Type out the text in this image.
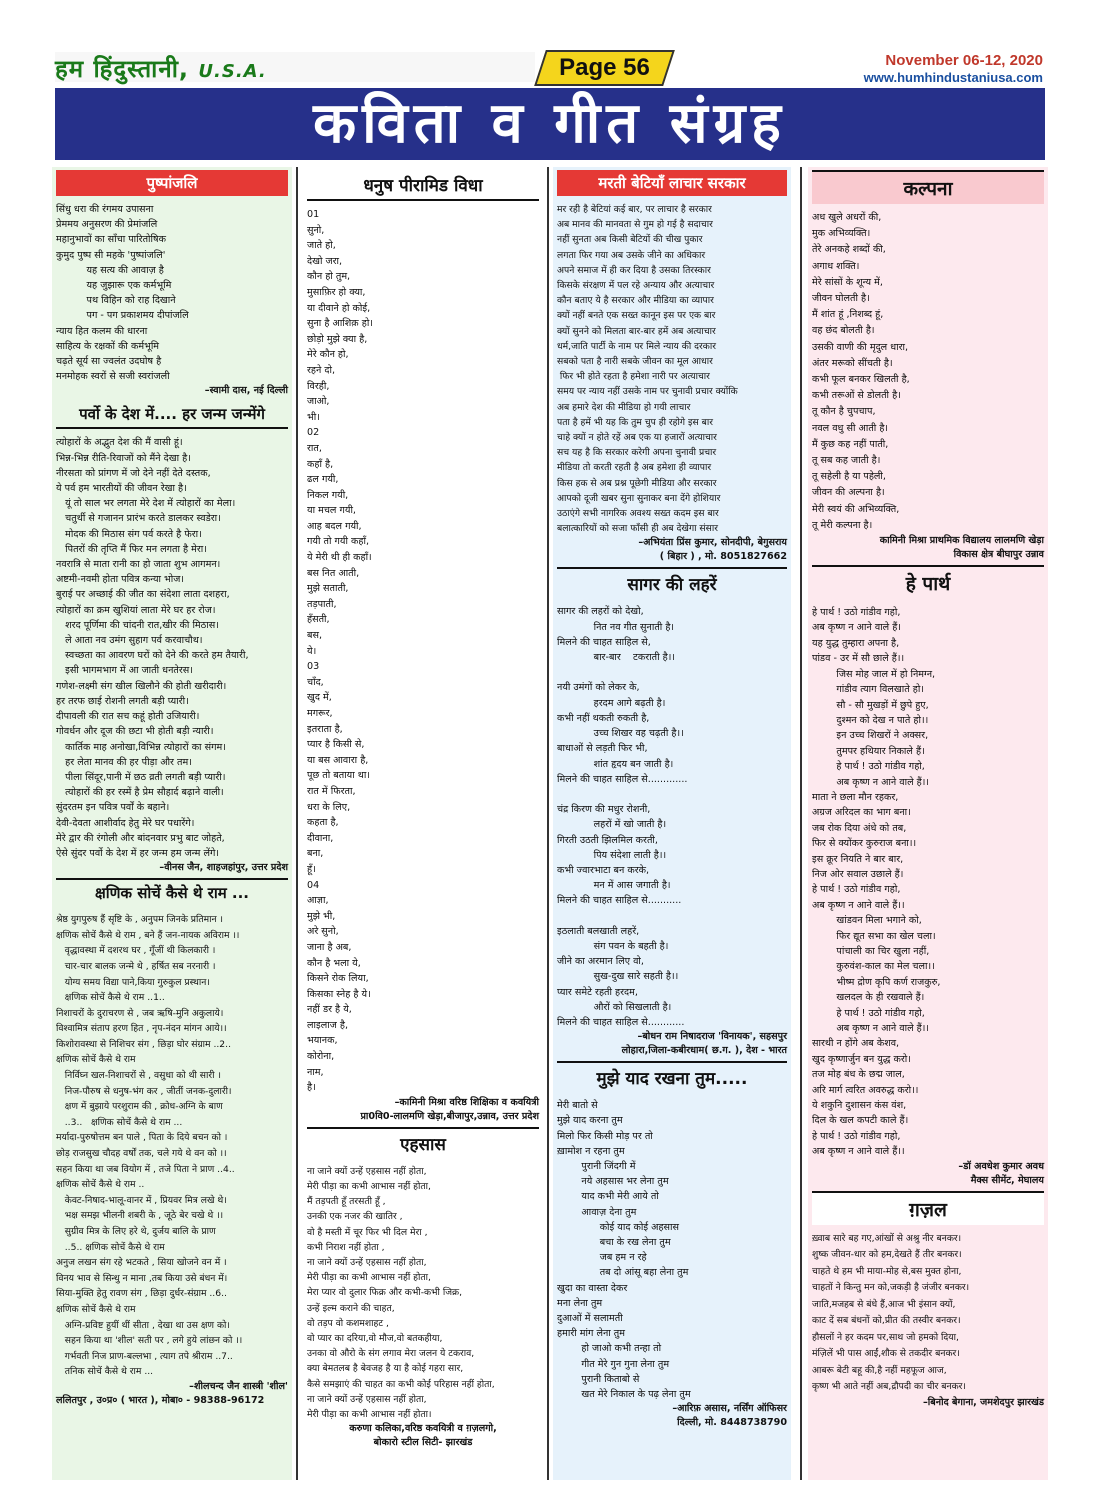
हम हिंदुस्तानी, U.S.A.	Page 56	November 06-12, 2020
www.humhindustaniusa.com
कविता व गीत संग्रह
पुष्पांजलि
सिंधु धरा की रंगमय उपासना
प्रेममय अनुसरण की प्रेमांजलि
महानुभावों का साँचा पारितोषिक
कुमुद पुष्प सी महके 'पुष्पांजलि'
यह सत्य की आवाज़ है
यह जुझारू एक कर्मभूमि
पथ विहिन को राह दिखाने
पग - पग प्रकाशमय दीपांजलि
न्याय हित कलम की धारना
साहित्य के रक्षकों की कर्मभूमि
चढ़ते सूर्य सा ज्वलंत उदघोष है
मनमोहक स्वरों से सजी स्वरांजली
–स्वामी दास, नई दिल्ली
पर्वो के देश में.... हर जन्म जन्मेंगे
त्योहारों के अद्भुत देश की मैं वासी हूं।
भिन्न-भिन्न रीति-रिवाजों को मैंने देखा है।
नीरसता को प्रांगण में जो देने नहीं देते दस्तक,
ये पर्व हम भारतीयों की जीवन रेखा है।
यूं तो साल भर लगता मेरे देश में त्योहारों का मेला।
चतुर्थी से गजानन प्रारंभ करते डालकर स्वडेरा।
मोदक की मिठास संग पर्व करते है फेरा।
पितरों की तृप्ति मैं फिर मन लगता है मेरा।
नवरात्रि से माता रानी का हो जाता शुभ आगमन।
अष्टमी-नवमी होता पवित्र कन्या भोज।
बुराई पर अच्छाई की जीत का संदेशा लाता दशहरा,
त्योहारों का क्रम खुशियां लाता मेरे घर हर रोज।
शरद पूर्णिमा की चांदनी रात,खीर की मिठास।
ले आता नव उमंग सुहाग पर्व करवाचौथ।
स्वच्छता का आवरण घरों को देने की करते हम तैयारी,
इसी भागमभाग में आ जाती धनतेरस।
गणेश-लक्ष्मी संग खील खिलौने की होती खरीदारी।
हर तरफ छाई रोशनी लगती बड़ी प्यारी।
दीपावली की रात सच कहूं होती उजियारी।
गोवर्धन और दूज की छटा भी होती बड़ी न्यारी।
कार्तिक माह अनोखा,विभिन्न त्योहारों का संगम।
हर लेता मानव की हर पीड़ा और तम।
पीला सिंदूर,पानी में छठ व्रती लगती बड़ी प्यारी।
त्योहारों की हर रस्में है प्रेम सौहार्द बढ़ाने वाली।
सुंदरतम इन पवित्र पर्वों के बहाने।
देवी-देवता आशीर्वाद हेतु मेरे घर पधारेंगे।
मेरे द्वार की रंगोली और बांदनवार प्रभु बाट जोहते,
ऐसे सुंदर पर्वो के देश में हर जन्म हम जन्म लेंगे।
–वीनस जैन, शाहजहांपुर, उत्तर प्रदेश
क्षणिक सोचें कैसे थे राम ...
श्रेष्ठ युगपुरुष हैं सृष्टि के , अनुपम जिनके प्रतिमान ।
क्षणिक सोचें कैसे थे राम , बने हैं जन-नायक अविराम ।।
वृद्धावस्था में दशरथ घर , गूँजीं थी किलकारी ।
चार-चार बालक जन्मे थे , हर्षित सब नरनारी ।
योग्य समय विद्या पाने,किया गुरुकुल प्रस्थान।
क्षणिक सोचें कैसे थे राम ..1..
निशाचरों के दुराचरण से , जब ऋषि-मुनि अकुलाये।
विश्वामित्र संताप हरण हित , नृप-नंदन मांगन आये।।
किशोरावस्था से निशिचर संग , छिड़ा घोर संग्राम ..2..
क्षणिक सोचें कैसे थे राम
निर्विघ्न खल-निशाचरों से , वसुधा को थी सारी ।
निज-पौरुष से धनुष-भंग कर , जीतीं जनक-दुलारी।
क्षण में बुझाये परशुराम की , क्रोध-अग्नि के बाण
..3..   क्षणिक सोचें कैसे थे राम ...
मर्यादा-पुरुषोत्तम बन पाले , पिता के दिये बचन को ।
छोड़ राजसुख चौदह वर्षों तक, चले गये थे वन को ।।
सहन किया था जब वियोग में , तजे पिता ने प्राण ..4..
क्षणिक सोचें कैसे थे राम ..
केवट-निषाद-भालू-वानर में , प्रियवर मित्र लखे थे।
भक्ष समझ भीलनी शबरी के , जूठे बेर चखे थे ।।
सुग्रीव मित्र के लिए हरे थे, दुर्जय बालि के प्राण
..5.. क्षणिक सोचें कैसे थे राम
अनुज लखन संग रहे भटकते , सिया खोजने वन में ।
विनय भाव से सिन्धु न माना ,तब किया उसे बंधन में।
सिया-मुक्ति हेतु रावण संग , छिड़ा दुर्धर-संग्राम ..6..
क्षणिक सोचें कैसे थे राम
अग्नि-प्रविष्ट हुयीं थीं सीता , देखा था उस क्षण को।
सहन किया था 'शील' सती पर , लगे हुये लांछन को ।।
गर्भवती निज प्राण-बल्लभा , त्याग तपे श्रीराम ..7..
तनिक सोचें कैसे थे राम ...
–शीलचन्द जैन शास्त्री 'शील'
ललितपुर , उ०प्र० ( भारत ), मोबा० - 98388-96172
धनुष पीरामिड विधा
01
सुनो,
जाते हो,
देखो जरा,
कौन हो तुम,
मुसाफ़िर हो क्या,
या दीवाने हो कोई,
सुना है आशिक़ हो।
छोड़ो मुझे क्या है,
मेरे कौन हो,
रहने दो,
विरही,
जाओ,
भी।
02
रात,
कहाँ है,
ढल गयी,
निकल गयी,
या मचल गयी,
आह बदल गयी,
गयी तो गयी कहाँ,
ये मेरी थी ही कहाँ।
बस नित आती,
मुझे सताती,
तड़पाती,
हँसती,
बस,
ये।
03
चाँद,
खुद में,
मगरूर,
इतराता है,
प्यार है किसी से,
या बस आवारा है,
पूछ तो बताया था।
रात में फिरता,
धरा के लिए,
कहता है,
दीवाना,
बना,
हूँ।
04
आज्ञा,
मुझे भी,
अरे सुनो,
जाना है अब,
कौन है भला ये,
किसने रोक लिया,
किसका स्नेह है ये।
नहीं डर है ये,
लाइलाज है,
भयानक,
कोरोना,
नाम,
है।
–कामिनी मिश्रा वरिष्ठ शिक्षिका व कवयित्री
प्रा0वि0-लालमणि खेड़ा,बीजापुर,उन्नाव, उत्तर प्रदेश
एहसास
ना जाने क्यों उन्हें एहसास नहीं होता,
मेरी पीड़ा का कभी आभास नहीं होता,
मैं तड़पती हूँ तरसती हूँ ,
उनकी एक नजर की खातिर ,
वो है मस्ती में चूर फिर भी दिल मेरा ,
कभी निराश नहीं होता ,
ना जाने क्यों उन्हें एहसास नहीं होता,
मेरी पीड़ा का कभी आभास नहीं होता,
मेरा प्यार वो दुलार फिक्र और कभी-कभी जिक्र,
उन्हें इल्म कराने की चाहत,
वो तड़प वो कशमशाहट ,
वो प्यार का दरिया,वो मौज,वो बतकहीया,
उनका वो औरो के संग लगाव मेरा जलन ये टकराव,
क्या बेमतलब है बेवजह है या है कोई गहरा सार,
कैसे समझाएं की चाहत का कभी कोई परिहास नहीं होता,
ना जाने क्यों उन्हें एहसास नहीं होता,
मेरी पीड़ा का कभी आभास नहीं होता।
करुणा कलिका,वरिष्ठ कवयित्री व ग़ज़लगो,
बोकारो स्टील सिटी- झारखंड
मरती बेटियाँ लाचार सरकार
मर रही है बेटियां कई बार, पर लाचार है सरकार
अब मानव की मानवता से गुम हो गई है सदाचार
नहीं सुनता अब किसी बेटियों की चीख पुकार
लगता फिर गया अब उसके जीने का अधिकार
अपने समाज में ही कर दिया है उसका तिरस्कार
किसके संरक्षण में पल रहे अन्याय और अत्याचार
कौन बताए ये है सरकार और मीडिया का व्यापार
क्यों नहीं बनते एक सख्त कानून इस पर एक बार
क्यों सुनने को मिलता बार-बार हमें अब अत्याचार
धर्म,जाति पार्टी के नाम पर मिले न्याय की दरकार
सबको पता है नारी सबके जीवन का मूल आधार
फिर भी होते रहता है हमेशा नारी पर अत्याचार
समय पर न्याय नहीं उसके नाम पर चुनावी प्रचार क्योंकि
अब हमारे देश की मीडिया हो गयी लाचार
पता है हमें भी यह कि तुम चुप ही रहोगे इस बार
चाहे क्यों न होते रहें अब एक या हजारों अत्याचार
सच यह है कि सरकार करेगी अपना चुनावी प्रचार
मीडिया तो करती रहती है अब हमेशा ही व्यापार
किस हक से अब प्रश्न पूछेगी मीडिया और सरकार
आपको दूजी खबर सुना सुनाकर बना देंगे होशियार
उठाएंगे सभी नागरिक अवश्य सख्त कदम इस बार
बलात्कारियों को सजा फाँसी ही अब देखेगा संसार
–अभियंता प्रिंस कुमार, सोनदीपी, बेगुसराय
( बिहार ) , मो. 8051827662
सागर की लहरें
सागर की लहरों को देखो,
नित नव गीत सुनाती है।
मिलने की चाहत साहिल से,
बार-बार    टकराती है।।

नयी उमंगों को लेकर के,
हरदम आगे बढ़ती है।
कभी नहीं थकती रुकती है,
उच्च शिखर वह चढ़ती है।।
बाधाओं से लड़ती फिर भी,
शांत हृदय बन जाती है।
मिलने की चाहत साहिल से.............

चंद्र किरण की मधुर रोशनी,
लहरों में खो जाती है।
गिरती उठती झिलमिल करती,
पिय संदेशा लाती है।।
कभी ज्वारभाटा बन करके,
मन में आस जगाती है।
मिलने की चाहत साहिल से...........

इठलाती बलखाती लहरें,
संग पवन के बहती है।
जीने का अरमान लिए वो,
सुख-दुख सारे सहती है।।
प्यार समेटे रहती हरदम,
औरों को सिखलाती है।
मिलने की चाहत साहिल से............
–बोधन राम निषादराज 'विनायक', सहसपुर
लोहारा,जिला-कबीरधाम( छ.ग. ), देश - भारत
मुझे याद रखना तुम.....
मेरी बातो से
मुझे याद करना तुम
मिलो फिर किसी मोड़ पर तो
ख़ामोश न रहना तुम
पुरानी जिंदगी में
नये अहसास भर लेना तुम
याद कभी मेरी आये तो
आवाज़ देना तुम
कोई याद कोई अहसास
बचा के रख लेना तुम
जब हम न रहे
तब दो आंसू बहा लेना तुम
खुदा का वास्ता देकर
मना लेना तुम
दुआओं में सलामती
हमारी मांग लेना तुम
हो जाओ कभी तन्हा तो
गीत मेरे गुन गुना लेना तुम
पुरानी किताबो से
खत मेरे निकाल के पढ़ लेना तुम
–आरिफ़ असास, नर्सिंग ऑफिसर
दिल्ली, मो. 8448738790
कल्पना
अध खुले अधरों की,
मुक अभिव्यक्ति।
तेरे अनकहे शब्दों की,
अगाध शक्ति।
मेरे सांसों के शून्य में,
जीवन घोलती है।
मैं शांत हूं ,निशब्द हूं,
वह छंद बोलती है।
उसकी वाणी की मृदुल धारा,
अंतर मरूको सींचती है।
कभी फूल बनकर खिलती है,
कभी तरूओं से डोलती है।
तू कौन है चुपचाप,
नवल वधु सी आती है।
मैं कुछ कह नहीं पाती,
तू सब कह जाती है।
तू सहेली है या पहेली,
जीवन की अल्पना है।
मेरी स्वयं की अभिव्यक्ति,
तू मेरी कल्पना है।
कामिनी मिश्रा प्राथमिक विद्यालय लालमणि खेड़ा
विकास क्षेत्र बीघापुर उन्नाव
हे पार्थ
हे पार्थ ! उठो गांडीव गहो,
अब कृष्ण न आने वाले हैं।
यह युद्ध तुम्हारा अपना है,
पांडव - उर में सौ छाले हैं।।
जिस मोह जाल में हो निमग्न,
गांडीव त्याग विलखाते हो।
सौ - सौ मुखड़ों में छुपे हुए,
दुश्मन को देख न पाते हो।।
इन उच्च शिखरों ने अक्सर,
तुमपर हथियार निकाले हैं।
हे पार्थ ! उठो गांडीव गहो,
अब कृष्ण न आने वाले हैं।।
माता ने छला मौन रहकर,
अग्रज अरिदल का भाग बना।
जब रोक दिया अंधे को तब,
फिर से क्योंकर कुरुराज बना।।
इस क्रूर नियति ने बार बार,
निज ओर सवाल उछाले हैं।
हे पार्थ ! उठो गांडीव गहो,
अब कृष्ण न आने वाले हैं।।
खांडवन मिला भगाने को,
फिर द्यूत सभा का खेल चला।
पांचाली का चिर खुला नहीं,
कुरुवंश-काल का मेल चला।।
भीष्म द्रोण कृपि कर्ण राजकुरु,
खलदल के ही रखवाले हैं।
हे पार्थ ! उठो गांडीव गहो,
अब कृष्ण न आने वाले हैं।।
सारथी न होंगे अब केशव,
खुद कृष्णार्जुन बन युद्ध करो।
तज मोह बंध के छद्म जाल,
अरि मार्ग त्वरित अवरुद्ध करो।।
ये शकुनि दुशासन कंस वंश,
दिल के खल कपटी काले हैं।
हे पार्थ ! उठो गांडीव गहो,
अब कृष्ण न आने वाले हैं।।
–डॉ अवधेश कुमार अवध
मैक्स सीमेंट, मेघालय
ग़ज़ल
ख़्वाब सारे बह गए,आंखों से अश्रु नीर बनकर।
शुष्क जीवन-धार को हम,देखते हैं तीर बनकर।
चाहते थे हम भी माया-मोह से,बस मुक्त होना,
चाहतों ने किन्तु मन को,जकड़ी है जंजीर बनकर।
जाति,मजहब से बंधे हैं,आज भी इंसान क्यों,
काट दें सब बंधनों को,प्रीत की तस्वीर बनकर।
हौसलों ने हर कदम पर,साथ जो हमको दिया,
मंज़िलें भी पास आईं,शौक से तकदीर बनकर।
आबरू बेटी बहू की,है नहीं महफूज आज,
कृष्ण भी आते नहीं अब,द्रौपदी का चीर बनकर।
–बिनोद बेगाना, जमशेदपुर झारखंड
